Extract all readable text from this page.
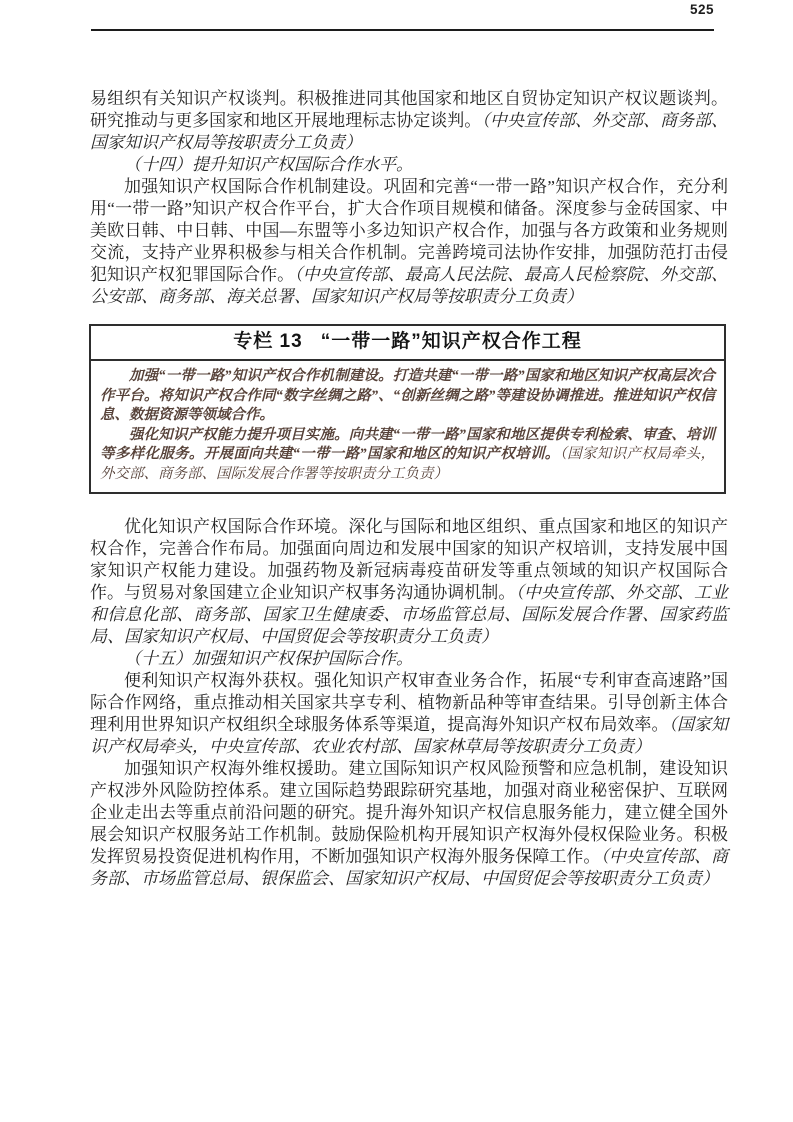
525

易组织有关知识产权谈判。积极推进同其他国家和地区自贸协定知识产权议题谈判。研究推动与更多国家和地区开展地理标志协定谈判。（中央宣传部、外交部、商务部、国家知识产权局等按职责分工负责）

（十四）提升知识产权国际合作水平。

加强知识产权国际合作机制建设。巩固和完善“一带一路”知识产权合作，充分利用“一带一路”知识产权合作平台，扩大合作项目规模和储备。深度参与金砖国家、中美欧日韩、中日韩、中国—东盟等小多边知识产权合作，加强与各方政策和业务规则交流，支持产业界积极参与相关合作机制。完善跨境司法协作安排，加强防范打击侵犯知识产权犯罪国际合作。（中央宣传部、最高人民法院、最高人民检察院、外交部、公安部、商务部、海关总署、国家知识产权局等按职责分工负责）

专栏 13 “一带一路”知识产权合作工程

加强“一带一路”知识产权合作机制建设。打造共建“一带一路”国家和地区知识产权高层次合作平台。将知识产权合作同“数字丝绸之路”、“创新丝绸之路”等建设协调推进。推进知识产权信息、数据资源等领域合作。

强化知识产权能力提升项目实施。向共建“一带一路”国家和地区提供专利检索、审查、培训等多样化服务。开展面向共建“一带一路”国家和地区的知识产权培训。（国家知识产权局牵头，外交部、商务部、国际发展合作署等按职责分工负责）

优化知识产权国际合作环境。深化与国际和地区组织、重点国家和地区的知识产权合作，完善合作布局。加强面向周边和发展中国家的知识产权培训，支持发展中国家知识产权能力建设。加强药物及新冠病毒疫苗研发等重点领域的知识产权国际合作。与贸易对象国建立企业知识产权事务沟通协调机制。（中央宣传部、外交部、工业和信息化部、商务部、国家卫生健康委、市场监管总局、国际发展合作署、国家药监局、国家知识产权局、中国贸促会等按职责分工负责）

（十五）加强知识产权保护国际合作。

便利知识产权海外获权。强化知识产权审查业务合作，拓展“专利审查高速路”国际合作网络，重点推动相关国家共享专利、植物新品种等审查结果。引导创新主体合理利用世界知识产权组织全球服务体系等渠道，提高海外知识产权布局效率。（国家知识产权局牵头，中央宣传部、农业农村部、国家林草局等按职责分工负责）

加强知识产权海外维权援助。建立国际知识产权风险预警和应急机制，建设知识产权涉外风险防控体系。建立国际趋势跟踪研究基地，加强对商业秘密保护、互联网企业走出去等重点前沿问题的研究。提升海外知识产权信息服务能力，建立健全国外展会知识产权服务站工作机制。鼓励保险机构开展知识产权海外侵权保险业务。积极发挥贸易投资促进机构作用，不断加强知识产权海外服务保障工作。（中央宣传部、商务部、市场监管总局、银保监会、国家知识产权局、中国贸促会等按职责分工负责）
